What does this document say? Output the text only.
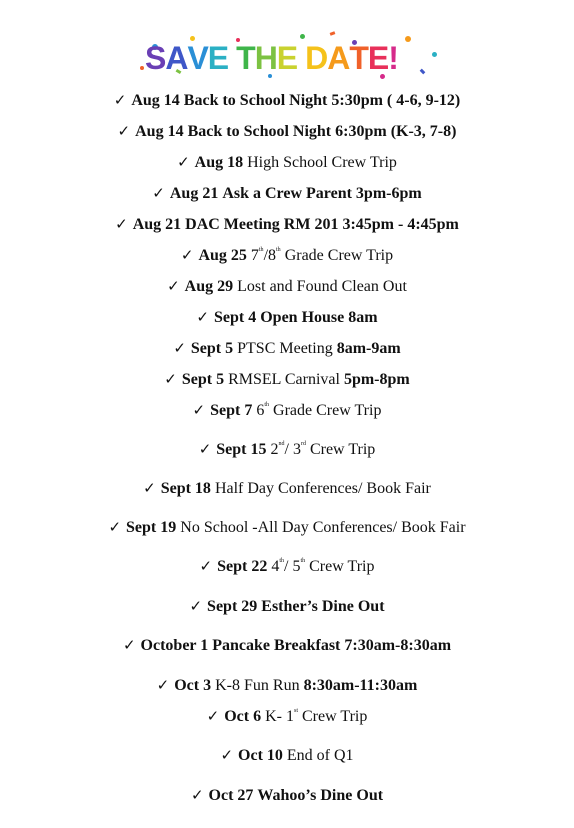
SAVE THE DATE!
✓ Aug 14 Back to School Night 5:30pm ( 4-6, 9-12)
✓ Aug 14 Back to School Night 6:30pm (K-3, 7-8)
✓ Aug 18 High School Crew Trip
✓ Aug 21 Ask a Crew Parent 3pm-6pm
✓ Aug 21 DAC Meeting RM 201 3:45pm - 4:45pm
✓ Aug 25 7th/8th Grade Crew Trip
✓ Aug 29 Lost and Found Clean Out
✓ Sept 4 Open House 8am
✓ Sept 5 PTSC Meeting 8am-9am
✓ Sept 5 RMSEL Carnival 5pm-8pm
✓ Sept 7 6th Grade Crew Trip
✓ Sept 15 2nd/ 3rd Crew Trip
✓ Sept 18 Half Day Conferences/ Book Fair
✓ Sept 19 No School -All Day Conferences/ Book Fair
✓ Sept 22 4th/ 5th Crew Trip
✓ Sept 29 Esther’s Dine Out
✓ October 1 Pancake Breakfast 7:30am-8:30am
✓ Oct 3 K-8 Fun Run 8:30am-11:30am
✓ Oct 6 K- 1st Crew Trip
✓ Oct 10 End of Q1
✓ Oct 27 Wahoo’s Dine Out
